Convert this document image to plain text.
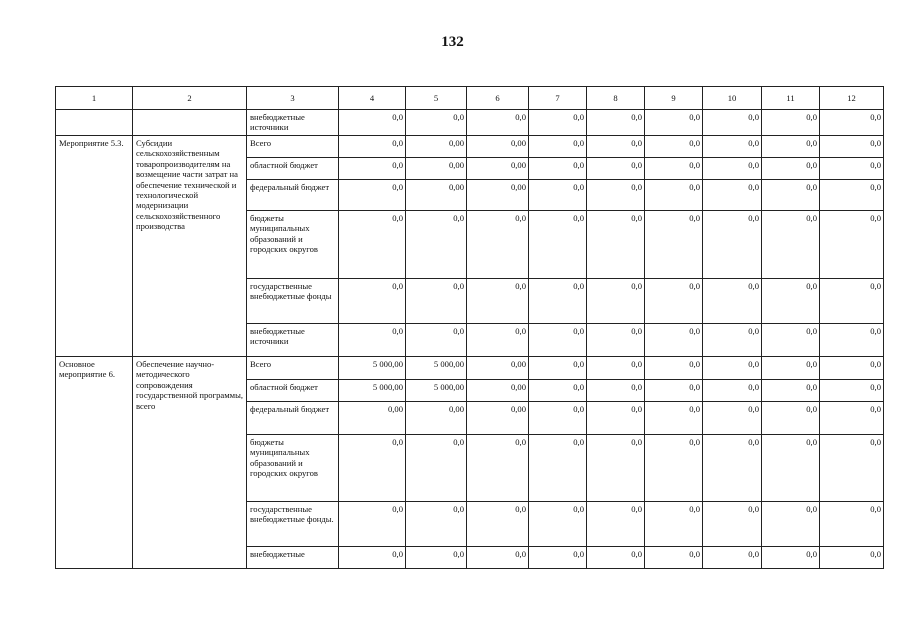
132
1	2	3	4	5	6	7	8	9	10	11	12
		внебюджетные источники	0,0	0,0	0,0	0,0	0,0	0,0	0,0	0,0	0,0
Мероприятие 5.3.	Субсидии сельскохозяйственным товаропроизводителям на возмещение части затрат на обеспечение технической и технологической модернизации сельскохозяйственного производства	Всего	0,0	0,00	0,00	0,0	0,0	0,0	0,0	0,0	0,0
		областной бюджет	0,0	0,00	0,00	0,0	0,0	0,0	0,0	0,0	0,0
		федеральный бюджет	0,0	0,00	0,00	0,0	0,0	0,0	0,0	0,0	0,0
		бюджеты муниципальных образований и городских округов	0,0	0,0	0,0	0,0	0,0	0,0	0,0	0,0	0,0
		государственные внебюджетные фонды	0,0	0,0	0,0	0,0	0,0	0,0	0,0	0,0	0,0
		внебюджетные источники	0,0	0,0	0,0	0,0	0,0	0,0	0,0	0,0	0,0
Основное мероприятие 6.	Обеспечение научно-методического сопровождения государственной программы, всего	Всего	5 000,00	5 000,00	0,00	0,0	0,0	0,0	0,0	0,0	0,0
		областной бюджет	5 000,00	5 000,00	0,00	0,0	0,0	0,0	0,0	0,0	0,0
		федеральный бюджет	0,00	0,00	0,00	0,0	0,0	0,0	0,0	0,0	0,0
		бюджеты муниципальных образований и городских округов	0,0	0,0	0,0	0,0	0,0	0,0	0,0	0,0	0,0
		государственные внебюджетные фонды.	0,0	0,0	0,0	0,0	0,0	0,0	0,0	0,0	0,0
		внебюджетные	0,0	0,0	0,0	0,0	0,0	0,0	0,0	0,0	0,0
